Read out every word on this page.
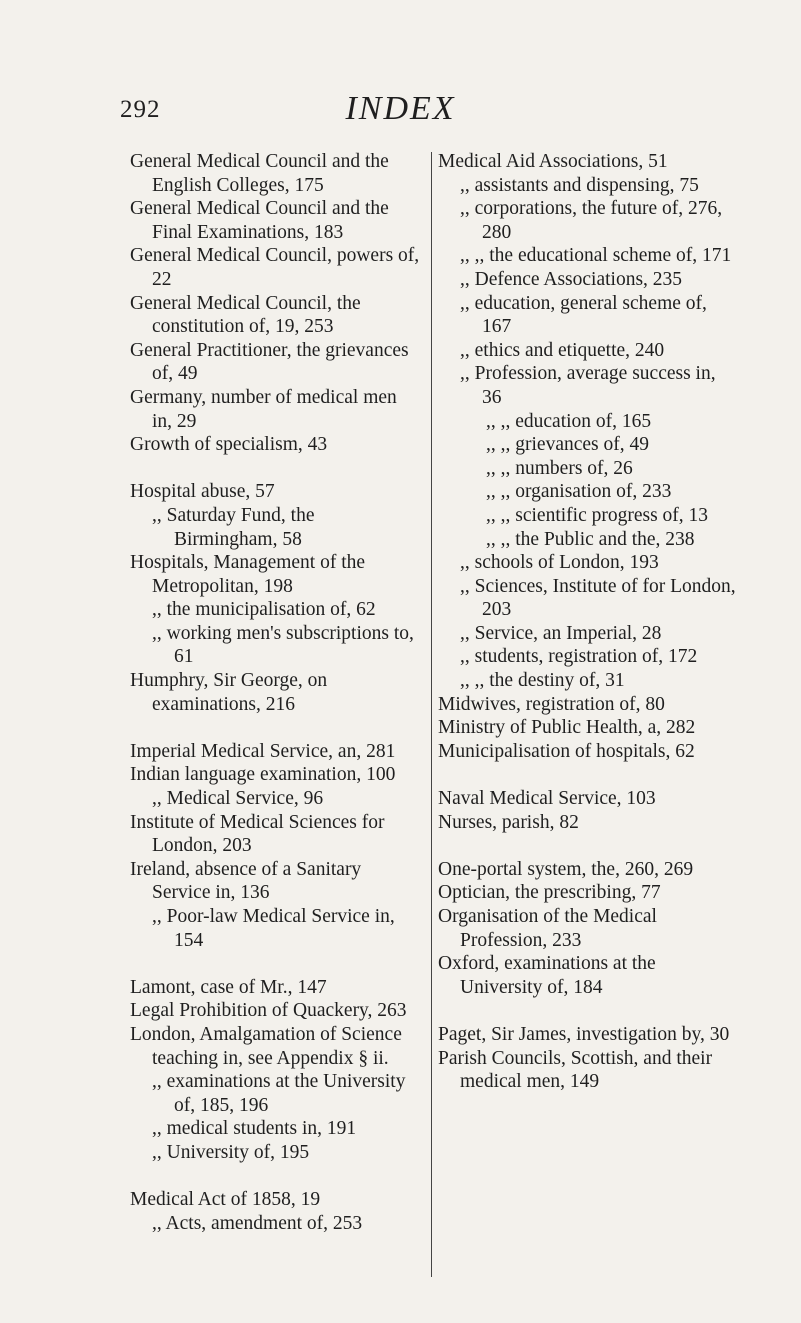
292	INDEX
General Medical Council and the English Colleges, 175
General Medical Council and the Final Examinations, 183
General Medical Council, powers of, 22
General Medical Council, the constitution of, 19, 253
General Practitioner, the grievances of, 49
Germany, number of medical men in, 29
Growth of specialism, 43
Hospital abuse, 57
,, Saturday Fund, the Birmingham, 58
Hospitals, Management of the Metropolitan, 198
,, the municipalisation of, 62
,, working men's subscriptions to, 61
Humphry, Sir George, on examinations, 216
Imperial Medical Service, an, 281
Indian language examination, 100
,, Medical Service, 96
Institute of Medical Sciences for London, 203
Ireland, absence of a Sanitary Service in, 136
,, Poor-law Medical Service in, 154
Lamont, case of Mr., 147
Legal Prohibition of Quackery, 263
London, Amalgamation of Science teaching in, see Appendix § ii.
,, examinations at the University of, 185, 196
,, medical students in, 191
,, University of, 195
Medical Act of 1858, 19
,, Acts, amendment of, 253
Medical Aid Associations, 51
,, assistants and dispensing, 75
,, corporations, the future of, 276, 280
,, ,, the educational scheme of, 171
,, Defence Associations, 235
,, education, general scheme of, 167
,, ethics and etiquette, 240
,, Profession, average success in, 36
,, ,, education of, 165
,, ,, grievances of, 49
,, ,, numbers of, 26
,, ,, organisation of, 233
,, ,, scientific progress of, 13
,, ,, the Public and the, 238
,, schools of London, 193
,, Sciences, Institute of for London, 203
,, Service, an Imperial, 28
,, students, registration of, 172
,, ,, the destiny of, 31
Midwives, registration of, 80
Ministry of Public Health, a, 282
Municipalisation of hospitals, 62
Naval Medical Service, 103
Nurses, parish, 82
One-portal system, the, 260, 269
Optician, the prescribing, 77
Organisation of the Medical Profession, 233
Oxford, examinations at the University of, 184
Paget, Sir James, investigation by, 30
Parish Councils, Scottish, and their medical men, 149
